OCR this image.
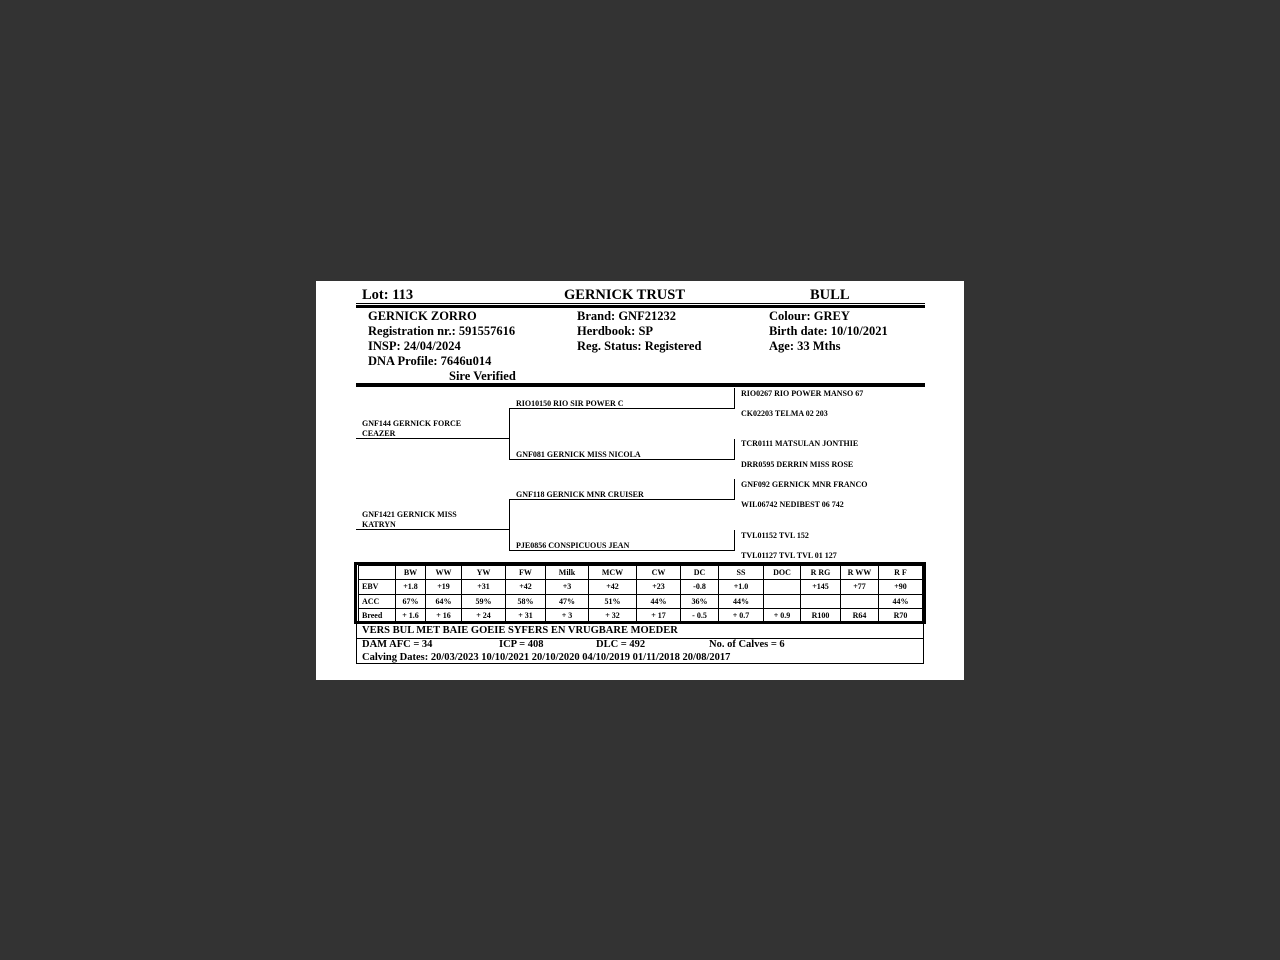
Lot: 113	GERNICK TRUST	BULL
GERNICK ZORRO
Registration nr.: 591557616
INSP: 24/04/2024
DNA Profile: 7646u014
Sire Verified
Brand: GNF21232
Herdbook: SP
Reg. Status: Registered
Colour: GREY
Birth date: 10/10/2021
Age: 33 Mths
GNF144 GERNICK FORCE CEAZER
GNF1421 GERNICK MISS KATRYN
RIO10150 RIO SIR POWER C
GNF081 GERNICK MISS NICOLA
GNF118 GERNICK MNR CRUISER
PJE0856 CONSPICUOUS JEAN
RIO0267 RIO POWER MANSO 67
CK02203 TELMA 02 203
TCR0111 MATSULAN JONTHIE
DRR0595 DERRIN MISS ROSE
GNF092 GERNICK MNR FRANCO
WIL06742 NEDIBEST 06 742
TVL01152 TVL 152
TVL01127 TVL TVL 01 127
	BW	WW	YW	FW	Milk	MCW	CW	DC	SS	DOC	R RG	R WW	R F
EBV	+1.8	+19	+31	+42	+3	+42	+23	-0.8	+1.0		+145	+77	+90
ACC	67%	64%	59%	58%	47%	51%	44%	36%	44%				44%
Breed	+ 1.6	+ 16	+ 24	+ 31	+ 3	+ 32	+ 17	- 0.5	+ 0.7	+ 0.9	R100	R64	R70
VERS BUL MET BAIE GOEIE SYFERS EN VRUGBARE MOEDER
DAM AFC = 34	ICP = 408	DLC = 492	No. of Calves = 6
Calving Dates: 20/03/2023 10/10/2021 20/10/2020 04/10/2019 01/11/2018 20/08/2017
